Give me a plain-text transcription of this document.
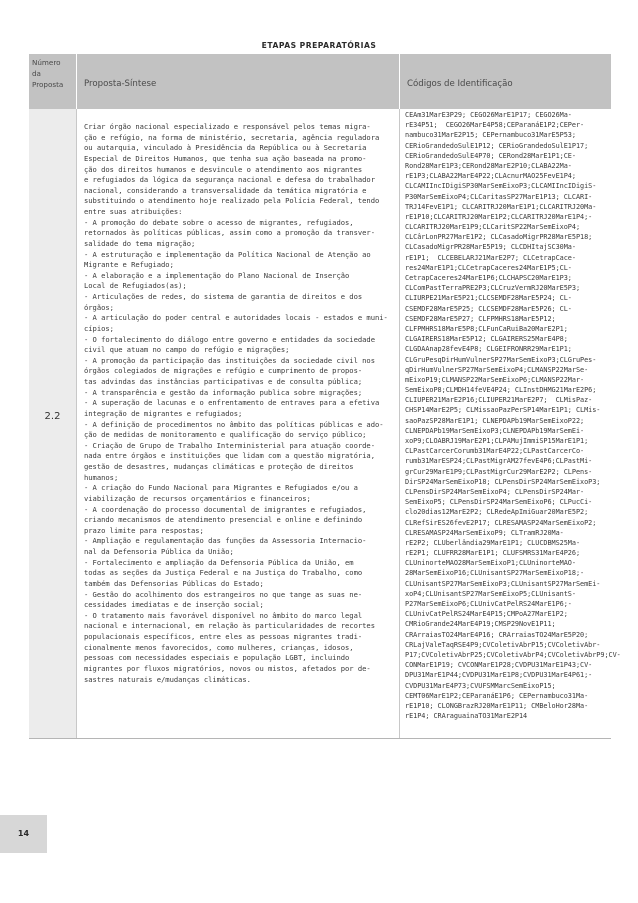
ETAPAS PREPARATÓRIAS
Número
da
Proposta Proposta-Síntese	Códigos de Identificação
2.2
Criar órgão nacional especializado e responsável pelos temas migra-
ção e refúgio, na forma de ministério, secretaria, agência reguladora
ou autarquia, vinculado à Presidência da República ou à Secretaria
Especial de Direitos Humanos, que tenha sua ação baseada na promo-
ção dos direitos humanos e desvincule o atendimento aos migrantes
e refugiados da lógica da segurança nacional e defesa do trabalhador
nacional, considerando a transversalidade da temática migratória e
substituindo o atendimento hoje realizado pela Polícia Federal, tendo
entre suas atribuições:
- A promoção do debate sobre o acesso de migrantes, refugiados,
retornados às políticas públicas, assim como a promoção da transver-
salidade do tema migração;
- A estruturação e implementação da Política Nacional de Atenção ao
Migrante e Refugiado;
- A elaboração e a implementação do Plano Nacional de Inserção
Local de Refugiados(as);
- Articulações de redes, do sistema de garantia de direitos e dos
órgãos;
- A articulação do poder central e autoridades locais - estados e muni-
cípios;
- O fortalecimento do diálogo entre governo e entidades da sociedade
civil que atuam no campo do refúgio e migrações;
- A promoção da participação das instituições da sociedade civil nos
órgãos colegiados de migrações e refúgio e cumprimento de propos-
tas advindas das instâncias participativas e de consulta pública;
- A transparência e gestão da informação publica sobre migrações;
- A superação de lacunas e o enfrentamento de entraves para a efetiva
integração de migrantes e refugiados;
- A definição de procedimentos no âmbito das políticas públicas e ado-
ção de medidas de monitoramento e qualificação do serviço público;
- Criação de Grupo de Trabalho Interministerial para atuação coorde-
nada entre órgãos e instituições que lidam com a questão migratória,
gestão de desastres, mudanças climáticas e proteção de direitos
humanos;
- A criação do Fundo Nacional para Migrantes e Refugiados e/ou a
viabilização de recursos orçamentários e financeiros;
- A coordenação do processo documental de imigrantes e refugiados,
criando mecanismos de atendimento presencial e online e definindo
prazo limite para respostas;
- Ampliação e regulamentação das funções da Assessoria Internacio-
nal da Defensoria Pública da União;
- Fortalecimento e ampliação da Defensoria Pública da União, em
todas as seções da Justiça Federal e na Justiça do Trabalho, como
também das Defensorias Públicas do Estado;
- Gestão do acolhimento dos estrangeiros no que tange as suas ne-
cessidades imediatas e de inserção social;
- O tratamento mais favorável disponível no âmbito do marco legal
nacional e internacional, em relação às particularidades de recortes
populacionais específicos, entre eles as pessoas migrantes tradi-
cionalmente menos favorecidos, como mulheres, crianças, idosos,
pessoas com necessidades especiais e população LGBT, incluindo
migrantes por fluxos migratórios, novos ou mistos, afetados por de-
sastres naturais e/mudanças climáticas.
CEAm31MarE3P29; CEGO26MarE1P17; CEGO26Ma-
rE34P51;  CEGO26MarE4P58;CEParanáE1P2;CEPer-
nambuco31MarE2P15; CEPernambuco31MarE5P53;
CERioGrandedoSulE1P12; CERioGrandedoSulE1P17;
CERioGrandedoSulE4P70; CERond28MarE1P1;CE-
Rond28MarE1P3;CERond28MarE2P10;CLABA22Ma-
rE1P3;CLABA22MarE4P22;CLAcnurMAO25FevE1P4;
CLCAMIIncIDigiSP30MarSemEixoP3;CLCAMIIncIDigiS-
P30MarSemEixoP4;CLCaritasSP27MarE1P13; CLCARI-
TRJ14FevE1P1; CLCARITRJ20MarE1P1;CLCARITRJ20Ma-
rE1P10;CLCARITRJ20MarE1P2;CLCARITRJ20MarE1P4;-
CLCARITRJ20MarE1P9;CLCaritSP22MarSemEixoP4;
CLCârLonPR27MarE1P2; CLCasadoMigrPR28MarE5P18;
CLCasadoMigrPR28MarE5P19; CLCDHItajSC30Ma-
rE1P1;  CLCEBELARJ21MarE2P7; CLCetrapCace-
res24MarE1P1;CLCetrapCaceres24MarE1P5;CL-
CetrapCaceres24MarE1P6;CLCHAPSC20MarE1P3;
CLComPastTerraPRE2P3;CLCruzVermRJ20MarE5P3;
CLIURPE21MarE5P21;CLCSEMDF28MarE5P24; CL-
CSEMDF28MarE5P25; CLCSEMDF28MarE5P26; CL-
CSEMDF28MarE5P27; CLFPMHRS18MarE5P12;
CLFPMHRS18MarE5P8;CLFunCaRuiBa20MarE2P1;
CLGAIRERS18MarE5P12; CLGAIRERS25MarE4P8;
CLGDAAnap28fevE4P8; CLGEIFRONRR29MarE1P1;
CLGruPesqDirHumVulnerSP27MarSemEixoP3;CLGruPes-
qDirHumVulnerSP27MarSemEixoP4;CLMANSP22MarSe-
mEixoP19;CLMANSP22MarSemEixoP6;CLMANSP22Mar-
SemEixoP8;CLMDH14feVE4P24; CLInstDHMG21MarE2P6;
CLIUPER21MarE2P16;CLIUPER21MarE2P7;  CLMisPaz-
CHSP14MarE2P5; CLMissaoPazPerSP14MarE1P1; CLMis-
saoPazSP28MarE1P1; CLNEPDAPb19MarSemEixoP22;
CLNEPDAPb19MarSemEixoP3;CLNEPDAPb19MarSemEi-
xoP9;CLOABRJ19MarE2P1;CLPAMujImmiSP15MarE1P1;
CLPastCarcerCorumb31MarE4P22;CLPastCarcerCo-
rumb31MarESP24;CLPastMigrAM27fevE4P6;CLPastMi-
grCur29MarE1P9;CLPastMigrCur29MarE2P2; CLPens-
DirSP24MarSemEixoP18; CLPensDirSP24MarSemEixoP3;
CLPensDirSP24MarSemEixoP4; CLPensDirSP24Mar-
SemEixoP5; CLPensDirSP24MarSemEixoP6; CLPucCi-
clo20dias12MarE2P2; CLRedeApImiGuar20MarE5P2;
CLRefSirES26fevE2P17; CLRESAMASP24MarSemEixoP2;
CLRESAMASP24MarSemEixoP9; CLTramRJ20Ma-
rE2P2; CLUberlândia29MarE1P1; CLUCDBMS25Ma-
rE2P1; CLUFRR28MarE1P1; CLUFSMRS31MarE4P26;
CLUninorteMAO28MarSemEixoP1;CLUninorteMAO-
28MarSemEixoP16;CLUnisantSP27MarSemEixoP18;-
CLUnisantSP27MarSemEixoP3;CLUnisantSP27MarSemEi-
xoP4;CLUnisantSP27MarSemEixoP5;CLUnisantS-
P27MarSemEixoP6;CLUnivCatPelRS24MarE1P6;-
CLUnivCatPelRS24MarE4P15;CMPoA27MarE1P2;
CMRioGrande24MarE4P19;CMSP29NovE1P11;
CRArraiasTO24MarE4P16; CRArraiasTO24MarE5P20;
CRLajValeTaqRSE4P9;CVColetivAbrP15;CVColetivAbr-
P17;CVColetivAbrP25;CVColetivAbrP4;CVColetivAbrP9;CV-
CONMarE1P19; CVCONMarE1P28;CVDPU31MarE1P43;CV-
DPU31MarE1P44;CVDPU31MarE1P8;CVDPU31MarE4P61;-
CVDPU31MarE4P73;CVUFSMMarcSemEixoP15;
CEMT06MarE1P2;CEParanáE1P6; CEPernambuco31Ma-
rE1P10; CLONGBrazRJ20MarE1P11; CMBeloHor28Ma-
rE1P4; CRAraguainaTO31MarE2P14
14
